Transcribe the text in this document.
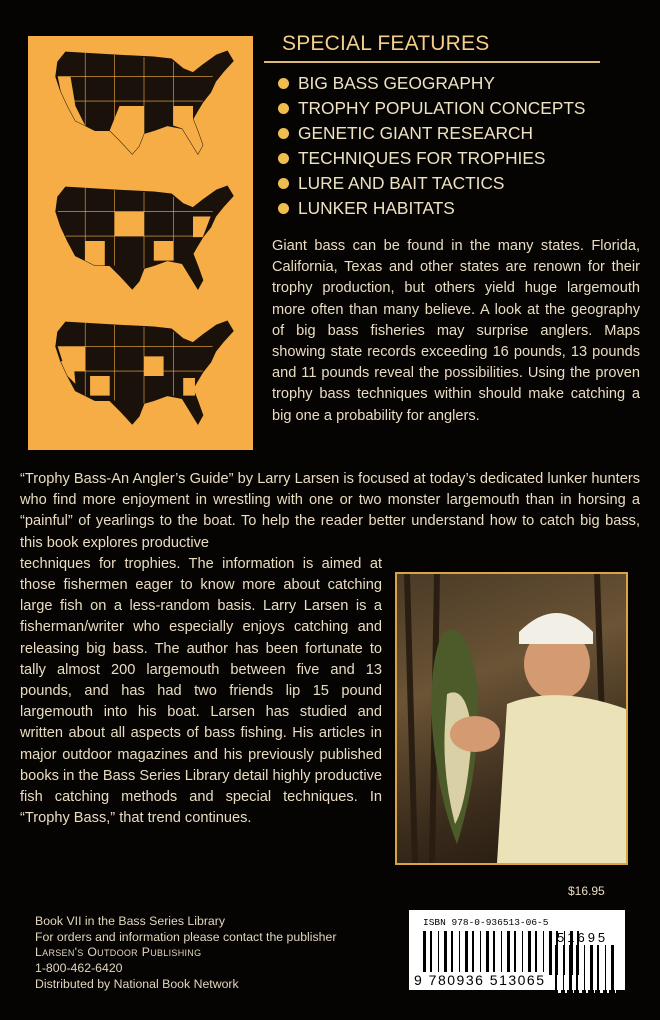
SPECIAL FEATURES
BIG BASS GEOGRAPHY
TROPHY POPULATION CONCEPTS
GENETIC GIANT RESEARCH
TECHNIQUES FOR TROPHIES
LURE AND BAIT TACTICS
LUNKER HABITATS
Giant bass can be found in the many states. Florida, California, Texas and other states are renown for their trophy production, but others yield huge largemouth more often than many believe. A look at the geography of big bass fisheries may surprise anglers. Maps showing state records exceeding 16 pounds, 13 pounds and 11 pounds reveal the possibilities. Using the proven trophy bass techniques within should make catching a big one a probability for anglers.
“Trophy Bass-An Angler’s Guide” by Larry Larsen is focused at today’s dedicated lunker hunters who find more enjoyment in wrestling with one or two monster largemouth than in horsing a “painful” of yearlings to the boat. To help the reader better understand how to catch big bass, this book explores productive
techniques for trophies. The information is aimed at those fishermen eager to know more about catching large fish on a less-random basis. Larry Larsen is a fisherman/writer who especially enjoys catching and releasing big bass. The author has been fortunate to tally almost 200 largemouth between five and 13 pounds, and has had two friends lip 15 pound largemouth into his boat. Larsen has studied and written about all aspects of bass fishing. His articles in major outdoor magazines and his previously published books in the Bass Series Library detail highly productive fish catching methods and special techniques. In “Trophy Bass,” that trend continues.
$16.95
Book VII in the Bass Series Library
For orders and information please contact the publisher
Larsen's Outdoor Publishing
1-800-462-6420
Distributed by National Book Network
ISBN 978-0-936513-06-5
9 780936 513065
51695
